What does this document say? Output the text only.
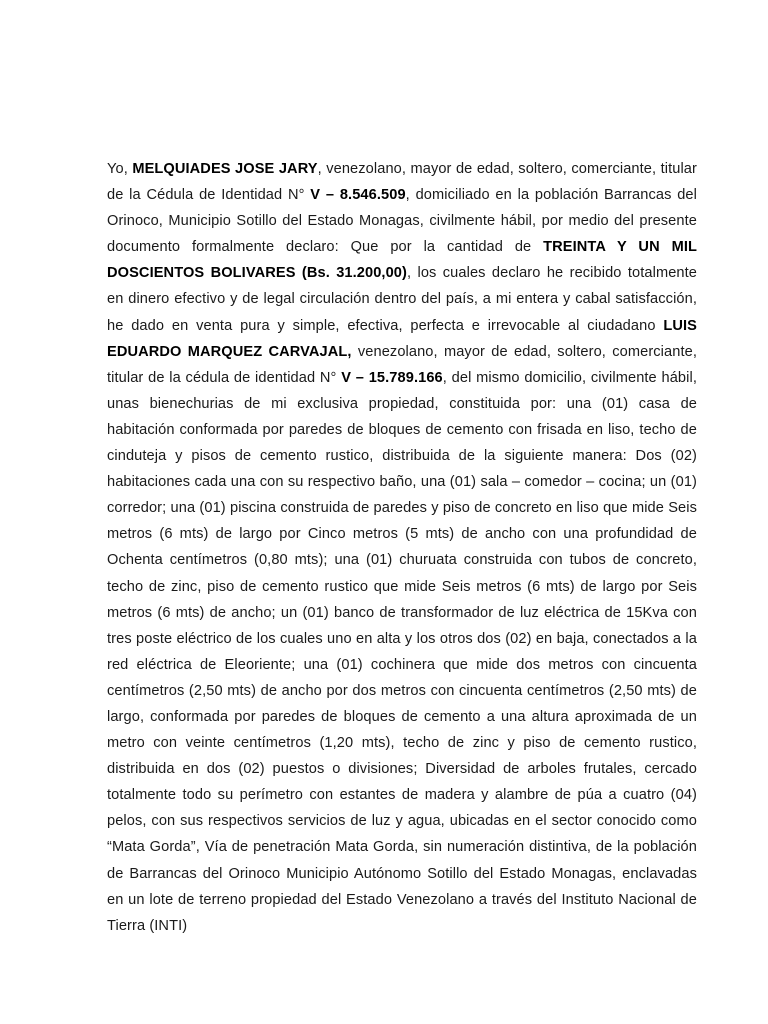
Yo, MELQUIADES JOSE JARY, venezolano, mayor de edad, soltero, comerciante, titular de la Cédula de Identidad N° V – 8.546.509, domiciliado en la población Barrancas del Orinoco, Municipio Sotillo del Estado Monagas, civilmente hábil, por medio del presente documento formalmente declaro: Que por la cantidad de TREINTA Y UN MIL DOSCIENTOS BOLIVARES (Bs. 31.200,00), los cuales declaro he recibido totalmente en dinero efectivo y de legal circulación dentro del país, a mi entera y cabal satisfacción, he dado en venta pura y simple, efectiva, perfecta e irrevocable al ciudadano LUIS EDUARDO MARQUEZ CARVAJAL, venezolano, mayor de edad, soltero, comerciante, titular de la cédula de identidad N° V – 15.789.166, del mismo domicilio, civilmente hábil, unas bienechurias de mi exclusiva propiedad, constituida por: una (01) casa de habitación conformada por paredes de bloques de cemento con frisada en liso, techo de cinduteja y pisos de cemento rustico, distribuida de la siguiente manera: Dos (02) habitaciones cada una con su respectivo baño, una (01) sala – comedor – cocina; un (01) corredor; una (01) piscina construida de paredes y piso de concreto en liso que mide Seis metros (6 mts) de largo por Cinco metros (5 mts) de ancho con una profundidad de Ochenta centímetros (0,80 mts); una (01) churuata construida con tubos de concreto, techo de zinc, piso de cemento rustico que mide Seis metros (6 mts) de largo por Seis metros (6 mts) de ancho; un (01) banco de transformador de luz eléctrica de 15Kva con tres poste eléctrico de los cuales uno en alta y los otros dos (02) en baja, conectados a la red eléctrica de Eleoriente; una (01) cochinera que mide dos metros con cincuenta centímetros (2,50 mts) de ancho por dos metros con cincuenta centímetros (2,50 mts) de largo, conformada por paredes de bloques de cemento a una altura aproximada de un metro con veinte centímetros (1,20 mts), techo de zinc y piso de cemento rustico, distribuida en dos (02) puestos o divisiones; Diversidad de arboles frutales, cercado totalmente todo su perímetro con estantes de madera y alambre de púa a cuatro (04) pelos, con sus respectivos servicios de luz y agua, ubicadas en el sector conocido como “Mata Gorda”, Vía de penetración Mata Gorda, sin numeración distintiva, de la población de Barrancas del Orinoco Municipio Autónomo Sotillo del Estado Monagas, enclavadas en un lote de terreno propiedad del Estado Venezolano a través del Instituto Nacional de Tierra (INTI)
